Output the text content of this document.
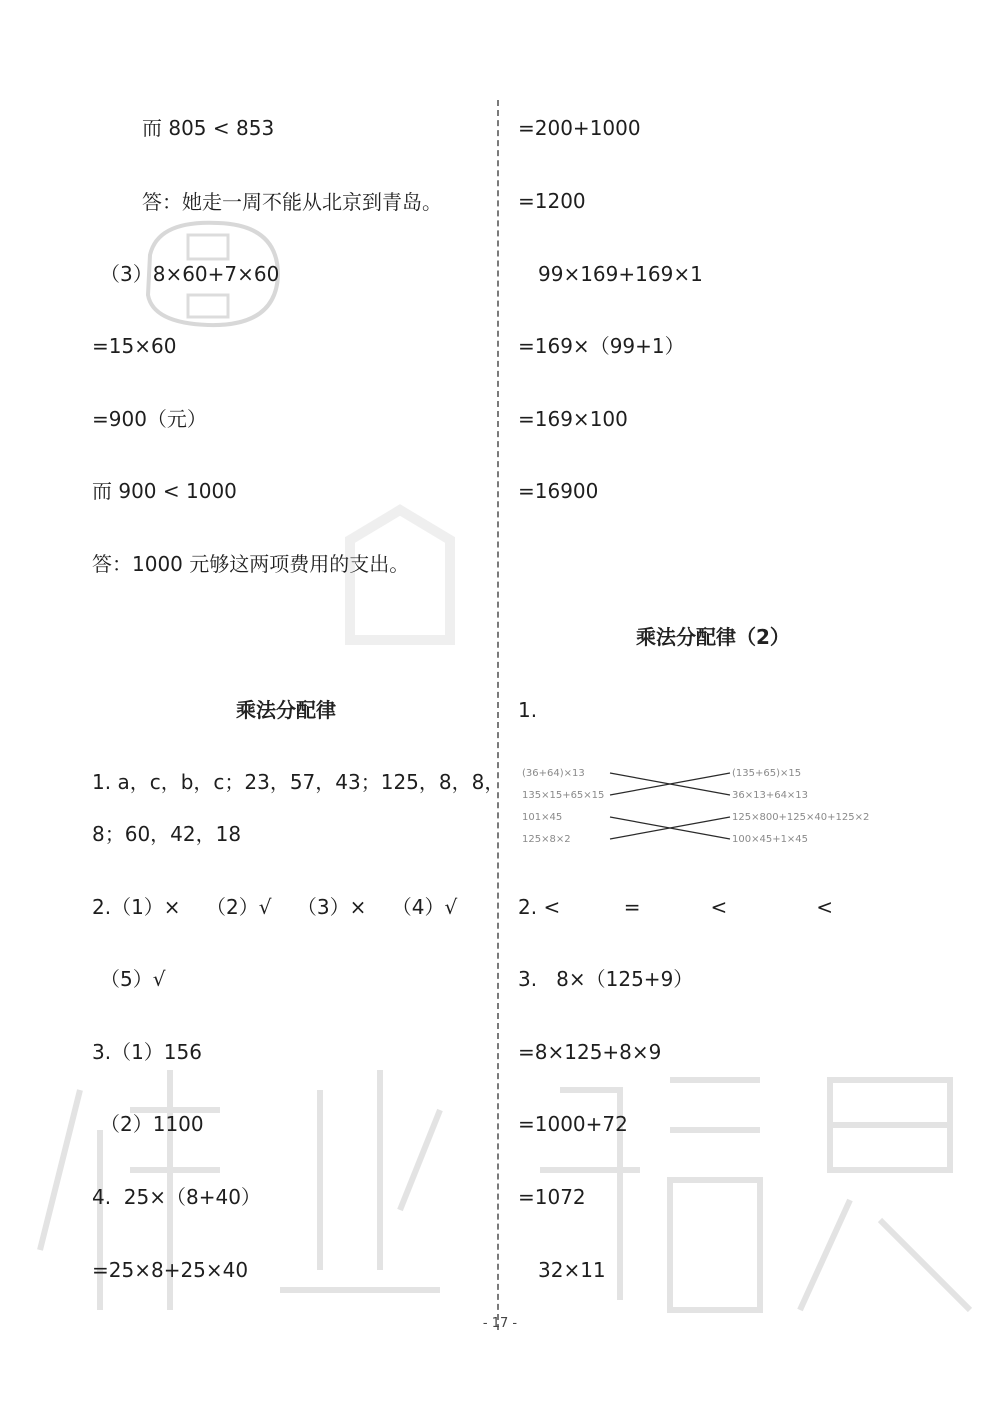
而 805 < 853
答：她走一周不能从北京到青岛。
（3）8×60+7×60
=15×60
=900（元）
而 900 < 1000
答：1000 元够这两项费用的支出。
乘法分配律
1. a，c，b，c；23，57，43；125，8，8，
8；60，42，18
2.（1）×    （2）√    （3）×    （4）√
（5）√
3.（1）156
（2）1100
4.  25×（8+40）
=25×8+25×40
=200+1000
=1200
99×169+169×1
=169×（99+1）
=169×100
=16900
乘法分配律（2）
1.
(36+64)×13
135×15+65×15
101×45
125×8×2
(135+65)×15
36×13+64×13
125×800+125×40+125×2
100×45+1×45
2. <          =           <              <
3.   8×（125+9）
=8×125+8×9
=1000+72
=1072
32×11
- 17 -
